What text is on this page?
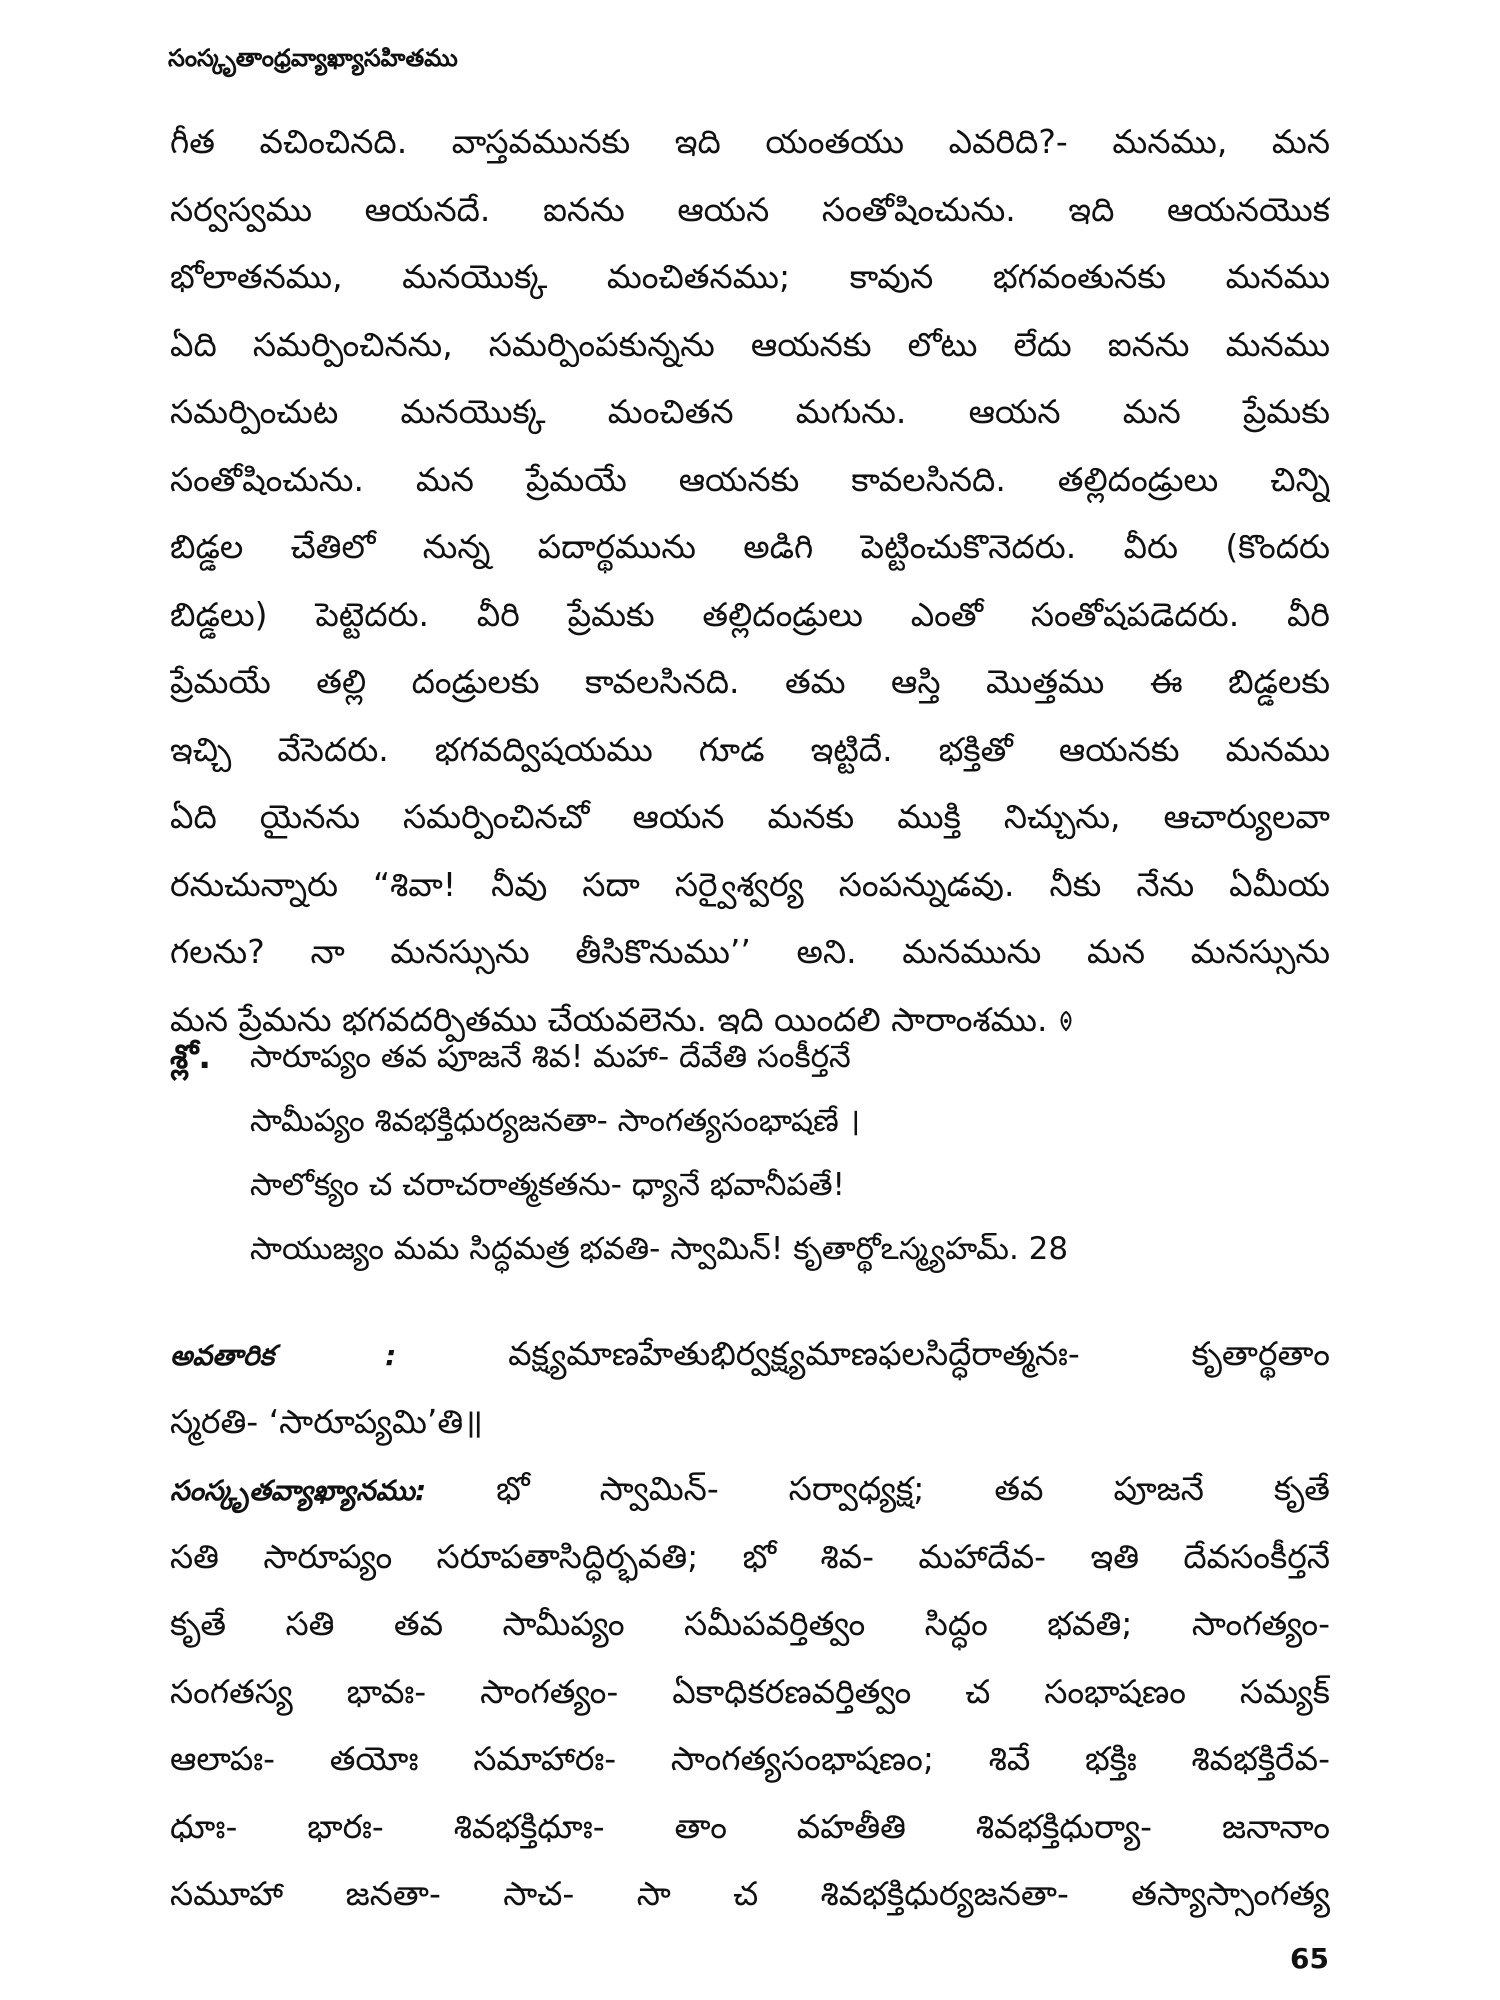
సంస్కృతాంధ్రవ్యాఖ్యాసహితము
గీత వచించినది. వాస్తవమునకు ఇది యంతయు ఎవరిది?- మనము, మన
సర్వస్వము ఆయనదే. ఐనను ఆయన సంతోషించును. ఇది ఆయనయొక
భోలాతనము, మనయొక్క మంచితనము; కావున భగవంతునకు మనము
ఏది సమర్పించినను, సమర్పింపకున్నను ఆయనకు లోటు లేదు ఐనను మనము
సమర్పించుట మనయొక్క మంచితన మగును. ఆయన మన ప్రేమకు
సంతోషించును. మన ప్రేమయే ఆయనకు కావలసినది. తల్లిదండ్రులు చిన్ని
బిడ్డల చేతిలో నున్న పదార్థమును అడిగి పెట్టించుకొనెదరు. వీరు (కొందరు
బిడ్డలు) పెట్టెదరు. వీరి ప్రేమకు తల్లిదండ్రులు ఎంతో సంతోషపడెదరు. వీరి
ప్రేమయే తల్లి దండ్రులకు కావలసినది. తమ ఆస్తి మొత్తము ఈ బిడ్డలకు
ఇచ్చి వేసెదరు. భగవద్విషయము గూడ ఇట్టిదే. భక్తితో ఆయనకు మనము
ఏది యైనను సమర్పించినచో ఆయన మనకు ముక్తి నిచ్చును, ఆచార్యులవా
రనుచున్నారు “శివా! నీవు సదా సర్వైశ్వర్య సంపన్నుడవు. నీకు నేను ఏమీయ
గలను? నా మనస్సును తీసికొనుము’’ అని. మనమును మన మనస్సును
మన ప్రేమను భగవదర్పితము చేయవలెను. ఇది యిందలి సారాంశము.
శ్లో. సారూప్యం తవ పూజనే శివ! మహా- దేవేతి సంకీర్తనే
సామీప్యం శివభక్తిధుర్యజనతా- సాంగత్యసంభాషణే ।
సాలోక్యం చ చరాచరాత్మకతను- ధ్యానే భవానీపతే!
సాయుజ్యం మమ సిద్ధమత్ర భవతి- స్వామిన్! కృతార్థోఽస్మ్యహమ్. 28
అవతారిక :	వక్ష్యమాణహేతుభిర్వక్ష్యమాణఫలసిద్ధేరాత్మనః- కృతార్థతాం
స్మరతి- ‘సారూప్యమి’తి॥
సంస్కృతవ్యాఖ్యానము: భో స్వామిన్- సర్వాధ్యక్ష; తవ పూజనే కృతే
సతి సారూప్యం సరూపతాసిద్ధిర్భవతి; భో శివ- మహాదేవ- ఇతి దేవసంకీర్తనే
కృతే సతి తవ సామీప్యం సమీపవర్తిత్వం సిద్ధం భవతి; సాంగత్యం-
సంగతస్య భావః- సాంగత్యం- ఏకాధికరణవర్తిత్వం చ సంభాషణం సమ్యక్
ఆలాపః- తయోః సమాహారః- సాంగత్యసంభాషణం; శివే భక్తిః శివభక్తిరేవ-
ధూః- భారః- శివభక్తిధూః- తాం వహతీతి శివభక్తిధుర్యా- జనానాం
సమూహా జనతా- సాచ- సా చ శివభక్తిధుర్యజనతా- తస్యాస్సాంగత్య
65
